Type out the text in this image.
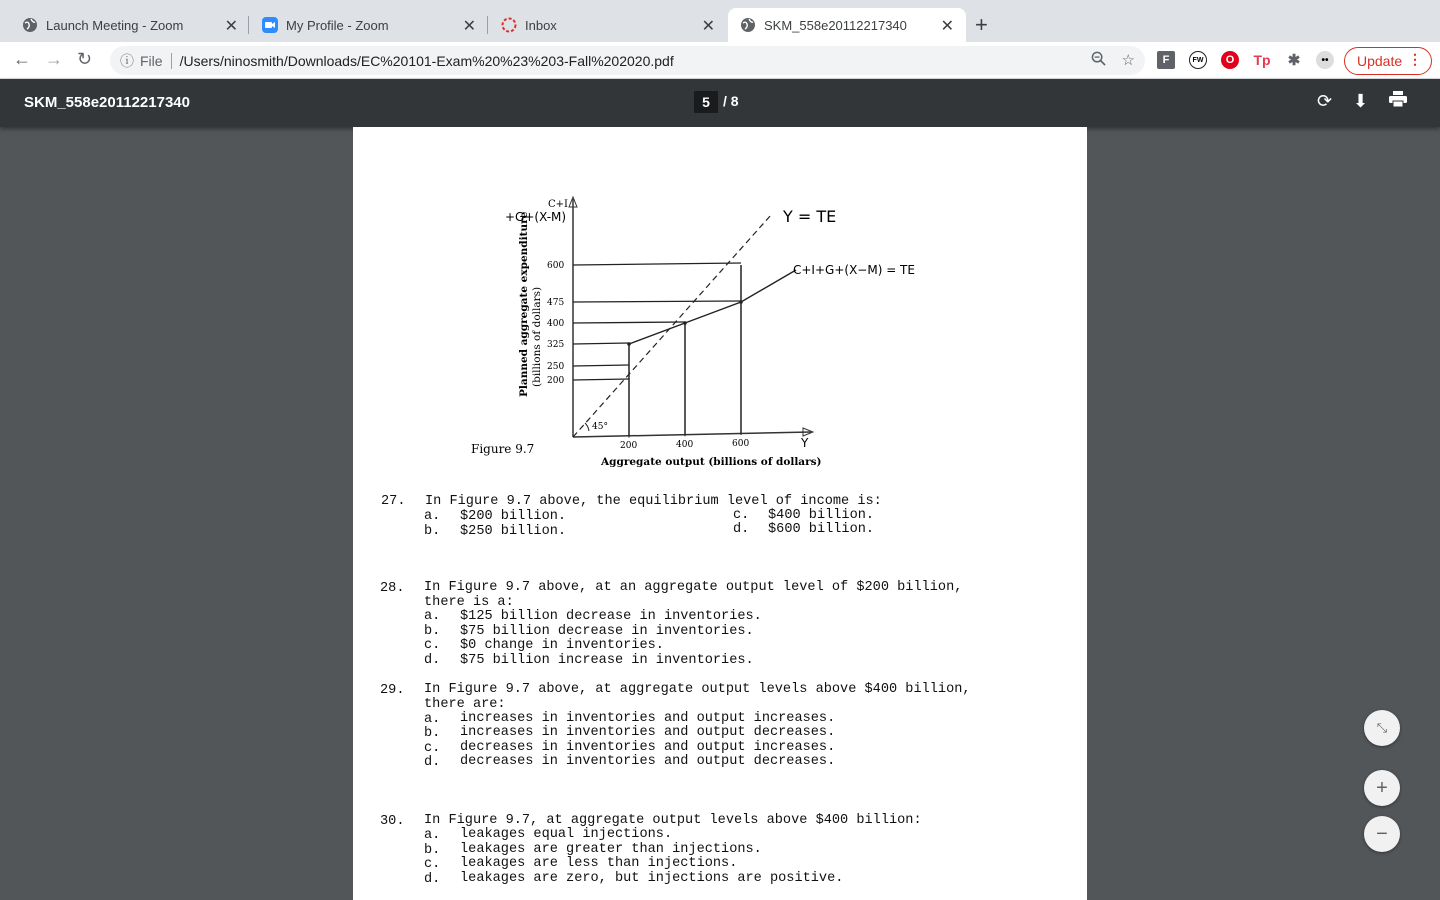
Launch Meeting - Zoom	✕	My Profile - Zoom	✕	Inbox	✕	SKM_558e20112217340 ✕ +
← → ↻ ⓘ File /Users/ninosmith/Downloads/EC%20101-Exam%20%23%203-Fall%202020.pdf	☆	F	FW	O	Tp ✱	••	Update ⋮
SKM_558e20112217340	5 / 8	⟳ ⬇
600
475
400
325
250
200
200	400	600
C+I
+G+(X-M)	Y = TE
C+I+G+(X−M) = TE
45°
Y
Figure 9.7
Aggregate output (billions of dollars)
Planned aggregate expenditure (billions of dollars)
27. In Figure 9.7 above, the equilibrium level of income is:
a. $200 billion.	c. $400 billion.
b. $250 billion.	d. $600 billion.
28. In Figure 9.7 above, at an aggregate output level of $200 billion,
there is a:
a. $125 billion decrease in inventories.
b. $75 billion decrease in inventories.
c. $0 change in inventories.
d. $75 billion increase in inventories.
29. In Figure 9.7 above, at aggregate output levels above $400 billion,
there are:
a. increases in inventories and output increases.
b. increases in inventories and output decreases.
c. decreases in inventories and output increases.
d. decreases in inventories and output decreases.
30. In Figure 9.7, at aggregate output levels above $400 billion:
a. leakages equal injections.
b. leakages are greater than injections.
c. leakages are less than injections.
d. leakages are zero, but injections are positive.
⤡
+
−
